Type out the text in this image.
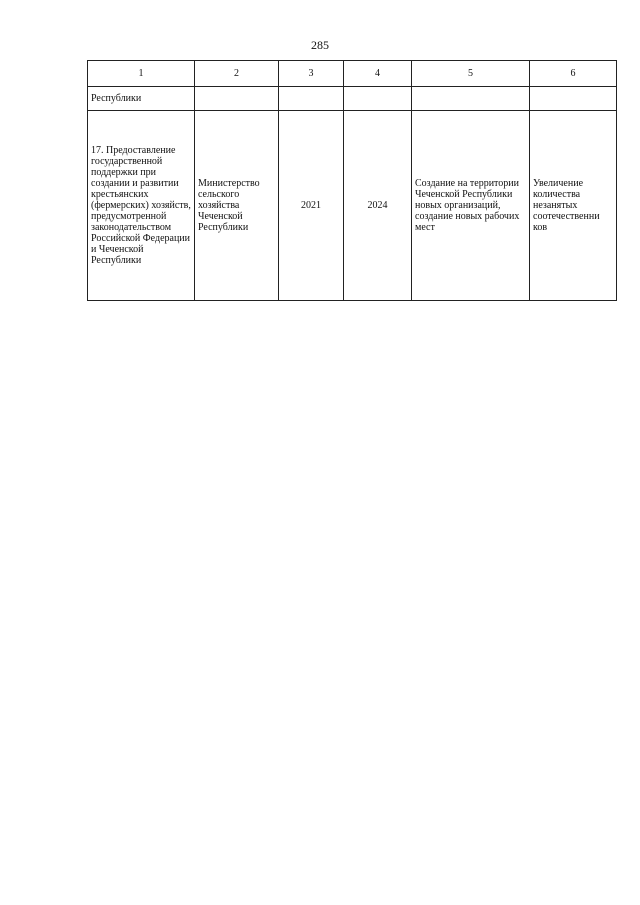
285
1	2	3	4	5	6
Республики					
17. Предоставление государственной поддержки при создании и развитии крестьянских (фермерских) хозяйств, предусмотренной законодательством Российской Федерации и Чеченской Республики	Министерство сельского хозяйства Чеченской Республики	2021	2024	Создание на территории Чеченской Республики новых организаций, создание новых рабочих мест	Увеличение количества незанятых соотечественни ков
